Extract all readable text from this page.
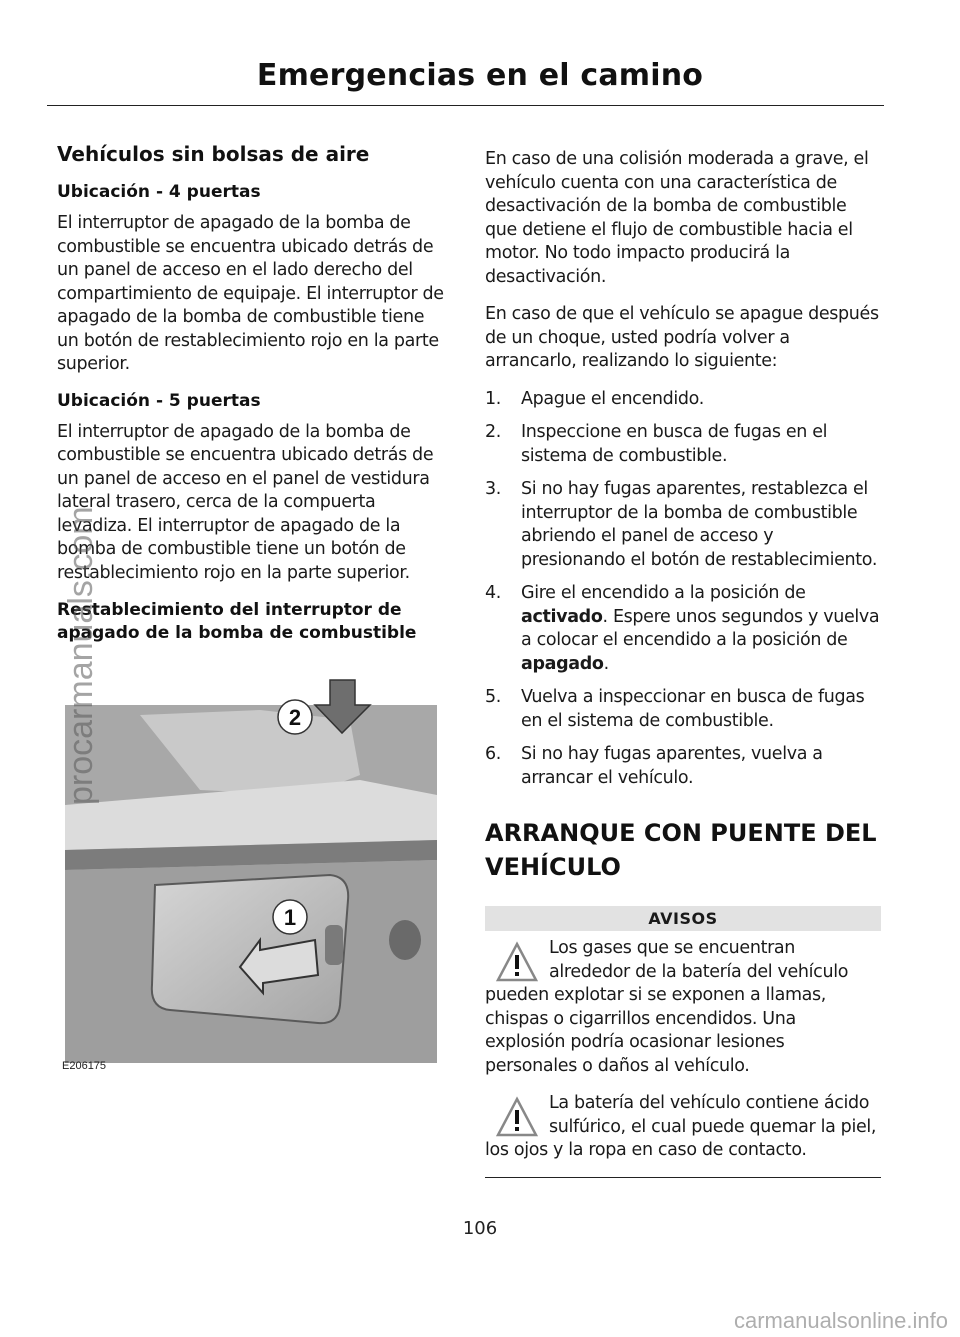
Emergencias en el camino
Vehículos sin bolsas de aire
Ubicación - 4 puertas

El interruptor de apagado de la bomba de combustible se encuentra ubicado detrás de un panel de acceso en el lado derecho del compartimiento de equipaje. El interruptor de apagado de la bomba de combustible tiene un botón de restablecimiento rojo en la parte superior.

Ubicación - 5 puertas

El interruptor de apagado de la bomba de combustible se encuentra ubicado detrás de un panel de acceso en el panel de vestidura lateral trasero, cerca de la compuerta levadiza. El interruptor de apagado de la bomba de combustible tiene un botón de restablecimiento rojo en la parte superior.

Restablecimiento del interruptor de apagado de la bomba de combustible
2
1
E206175

En caso de una colisión moderada a grave, el vehículo cuenta con una característica de desactivación de la bomba de combustible que detiene el flujo de combustible hacia el motor. No todo impacto producirá la desactivación.

En caso de que el vehículo se apague después de un choque, usted podría volver a arrancarlo, realizando lo siguiente:

1. Apague el encendido.
2. Inspeccione en busca de fugas en el sistema de combustible.
3. Si no hay fugas aparentes, restablezca el interruptor de la bomba de combustible abriendo el panel de acceso y presionando el botón de restablecimiento.
4. Gire el encendido a la posición de activado. Espere unos segundos y vuelva a colocar el encendido a la posición de apagado.
5. Vuelva a inspeccionar en busca de fugas en el sistema de combustible.
6. Si no hay fugas aparentes, vuelva a arrancar el vehículo.
ARRANQUE CON PUENTE DEL VEHÍCULO
AVISOS
Los gases que se encuentran alrededor de la batería del vehículo pueden explotar si se exponen a llamas, chispas o cigarrillos encendidos. Una explosión podría ocasionar lesiones personales o daños al vehículo.
La batería del vehículo contiene ácido sulfúrico, el cual puede quemar la piel, los ojos y la ropa en caso de contacto.
106
procarmanuals.com
carmanualsonline.info
